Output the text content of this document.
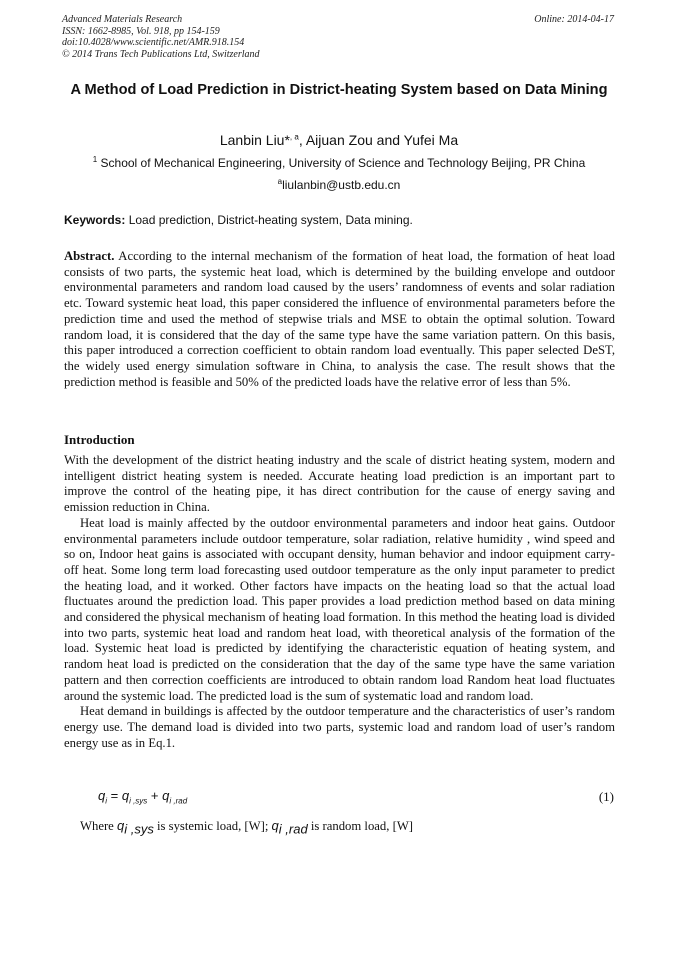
Advanced Materials Research
ISSN: 1662-8985, Vol. 918, pp 154-159
doi:10.4028/www.scientific.net/AMR.918.154
© 2014 Trans Tech Publications Ltd, Switzerland
Online: 2014-04-17
A Method of Load Prediction in District-heating System based on Data Mining
Lanbin Liu*$^{, a}$, Aijuan Zou and Yufei Ma
$^1$ School of Mechanical Engineering, University of Science and Technology Beijing, PR China
$^a$liulanbin@ustb.edu.cn
Keywords: Load prediction, District-heating system, Data mining.
Abstract. According to the internal mechanism of the formation of heat load, the formation of heat load consists of two parts, the systemic heat load, which is determined by the building envelope and outdoor environmental parameters and random load caused by the users’ randomness of events and solar radiation etc. Toward systemic heat load, this paper considered the influence of environmental parameters before the prediction time and used the method of stepwise trials and MSE to obtain the optimal solution. Toward random load, it is considered that the day of the same type have the same variation pattern. On this basis, this paper introduced a correction coefficient to obtain random load eventually. This paper selected DeST, the widely used energy simulation software in China, to analysis the case. The result shows that the prediction method is feasible and 50% of the predicted loads have the relative error of less than 5%.
Introduction

With the development of the district heating industry and the scale of district heating system, modern and intelligent district heating system is needed. Accurate heating load prediction is an important part to improve the control of the heating pipe, it has direct contribution for the cause of energy saving and emission reduction in China.

Heat load is mainly affected by the outdoor environmental parameters and indoor heat gains. Outdoor environmental parameters include outdoor temperature, solar radiation, relative humidity , wind speed and so on, Indoor heat gains is associated with occupant density, human behavior and indoor equipment carry-off heat. Some long term load forecasting used outdoor temperature as the only input parameter to predict the heating load, and it worked. Other factors have impacts on the heating load so that the actual load fluctuates around the prediction load. This paper provides a load prediction method based on data mining and considered the physical mechanism of heating load formation. In this method the heating load is divided into two parts, systemic heat load and random heat load, with theoretical analysis of the formation of the load. Systemic heat load is predicted by identifying the characteristic equation of heating system, and random heat load is predicted on the consideration that the day of the same type have the same variation pattern and then correction coefficients are introduced to obtain random load Random heat load fluctuates around the systemic load. The predicted load is the sum of systematic load and random load.

Heat demand in buildings is affected by the outdoor temperature and the characteristics of user’s random energy use. The demand load is divided into two parts, systemic load and random load of user’s random energy use as in Eq.1.

$q_i = q_{i ,sys} + q_{i ,rad}$	(1)
Where $q_{i ,sys}$ is systemic load, [W]; $q_{i ,rad}$ is random load, [W]
